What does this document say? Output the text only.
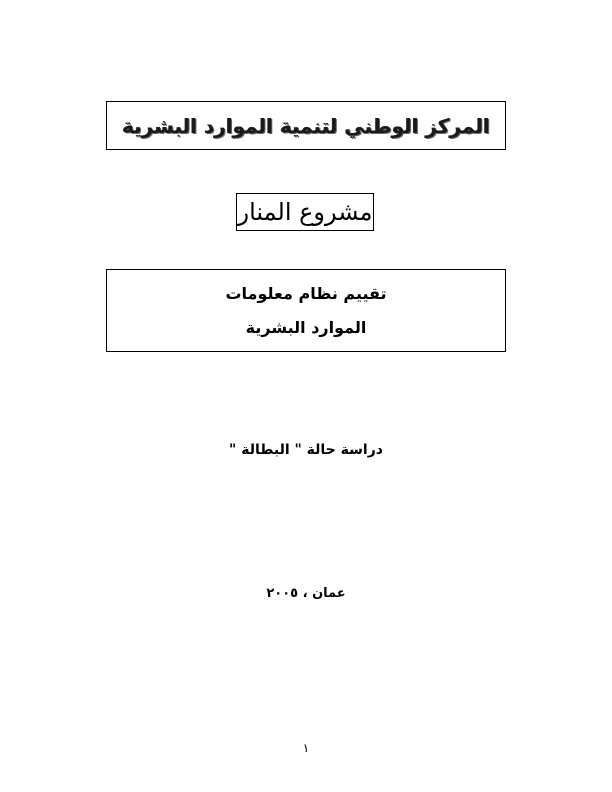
المركز الوطني لتنمية الموارد البشرية
مشروع المنار
تقييم نظام معلومات
الموارد البشرية
دراسة حالة " البطالة "
عمان ، ٢٠٠٥
١
